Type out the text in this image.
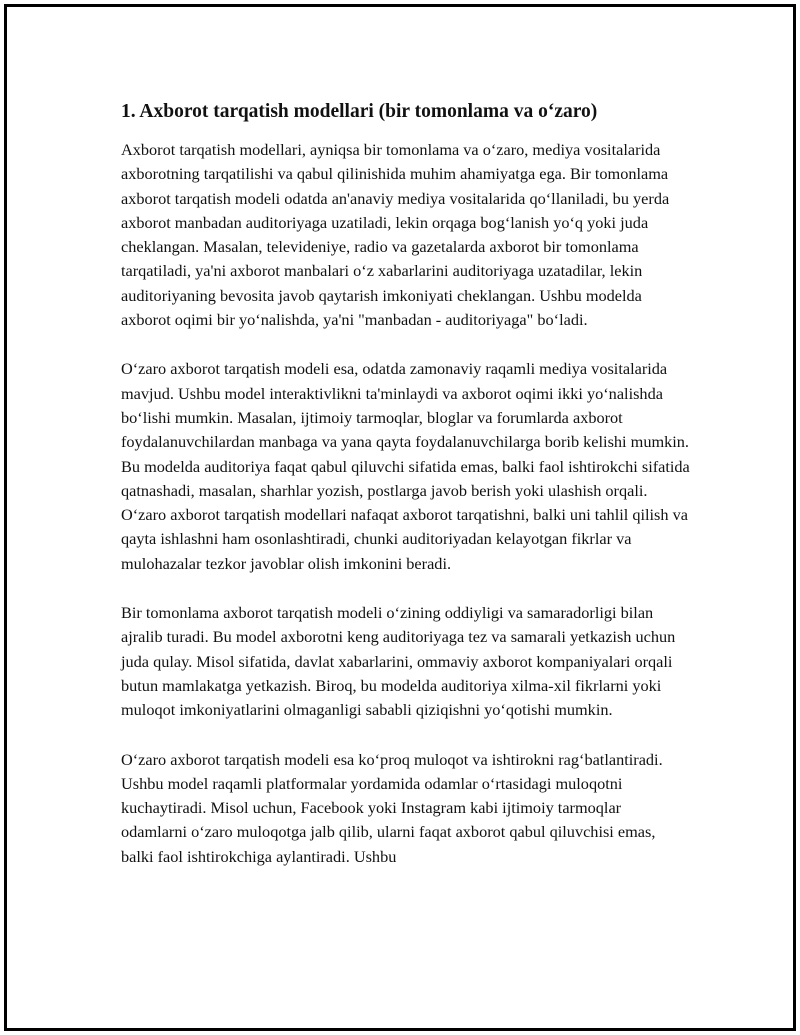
1. Axborot tarqatish modellari (bir tomonlama va o‘zaro)

Axborot tarqatish modellari, ayniqsa bir tomonlama va o‘zaro, mediya vositalarida axborotning tarqatilishi va qabul qilinishida muhim ahamiyatga ega. Bir tomonlama axborot tarqatish modeli odatda an'anaviy mediya vositalarida qo‘llaniladi, bu yerda axborot manbadan auditoriyaga uzatiladi, lekin orqaga bog‘lanish yo‘q yoki juda cheklangan. Masalan, televideniye, radio va gazetalarda axborot bir tomonlama tarqatiladi, ya'ni axborot manbalari o‘z xabarlarini auditoriyaga uzatadilar, lekin auditoriyaning bevosita javob qaytarish imkoniyati cheklangan. Ushbu modelda axborot oqimi bir yo‘nalishda, ya'ni "manbadan - auditoriyaga" bo‘ladi.

O‘zaro axborot tarqatish modeli esa, odatda zamonaviy raqamli mediya vositalarida mavjud. Ushbu model interaktivlikni ta'minlaydi va axborot oqimi ikki yo‘nalishda bo‘lishi mumkin. Masalan, ijtimoiy tarmoqlar, bloglar va forumlarda axborot foydalanuvchilardan manbaga va yana qayta foydalanuvchilarga borib kelishi mumkin. Bu modelda auditoriya faqat qabul qiluvchi sifatida emas, balki faol ishtirokchi sifatida qatnashadi, masalan, sharhlar yozish, postlarga javob berish yoki ulashish orqali. O‘zaro axborot tarqatish modellari nafaqat axborot tarqatishni, balki uni tahlil qilish va qayta ishlashni ham osonlashtiradi, chunki auditoriyadan kelayotgan fikrlar va mulohazalar tezkor javoblar olish imkonini beradi.

Bir tomonlama axborot tarqatish modeli o‘zining oddiyligi va samaradorligi bilan ajralib turadi. Bu model axborotni keng auditoriyaga tez va samarali yetkazish uchun juda qulay. Misol sifatida, davlat xabarlarini, ommaviy axborot kompaniyalari orqali butun mamlakatga yetkazish. Biroq, bu modelda auditoriya xilma-xil fikrlarni yoki muloqot imkoniyatlarini olmaganligi sababli qiziqishni yo‘qotishi mumkin.

O‘zaro axborot tarqatish modeli esa ko‘proq muloqot va ishtirokni rag‘batlantiradi. Ushbu model raqamli platformalar yordamida odamlar o‘rtasidagi muloqotni kuchaytiradi. Misol uchun, Facebook yoki Instagram kabi ijtimoiy tarmoqlar odamlarni o‘zaro muloqotga jalb qilib, ularni faqat axborot qabul qiluvchisi emas, balki faol ishtirokchiga aylantiradi. Ushbu
